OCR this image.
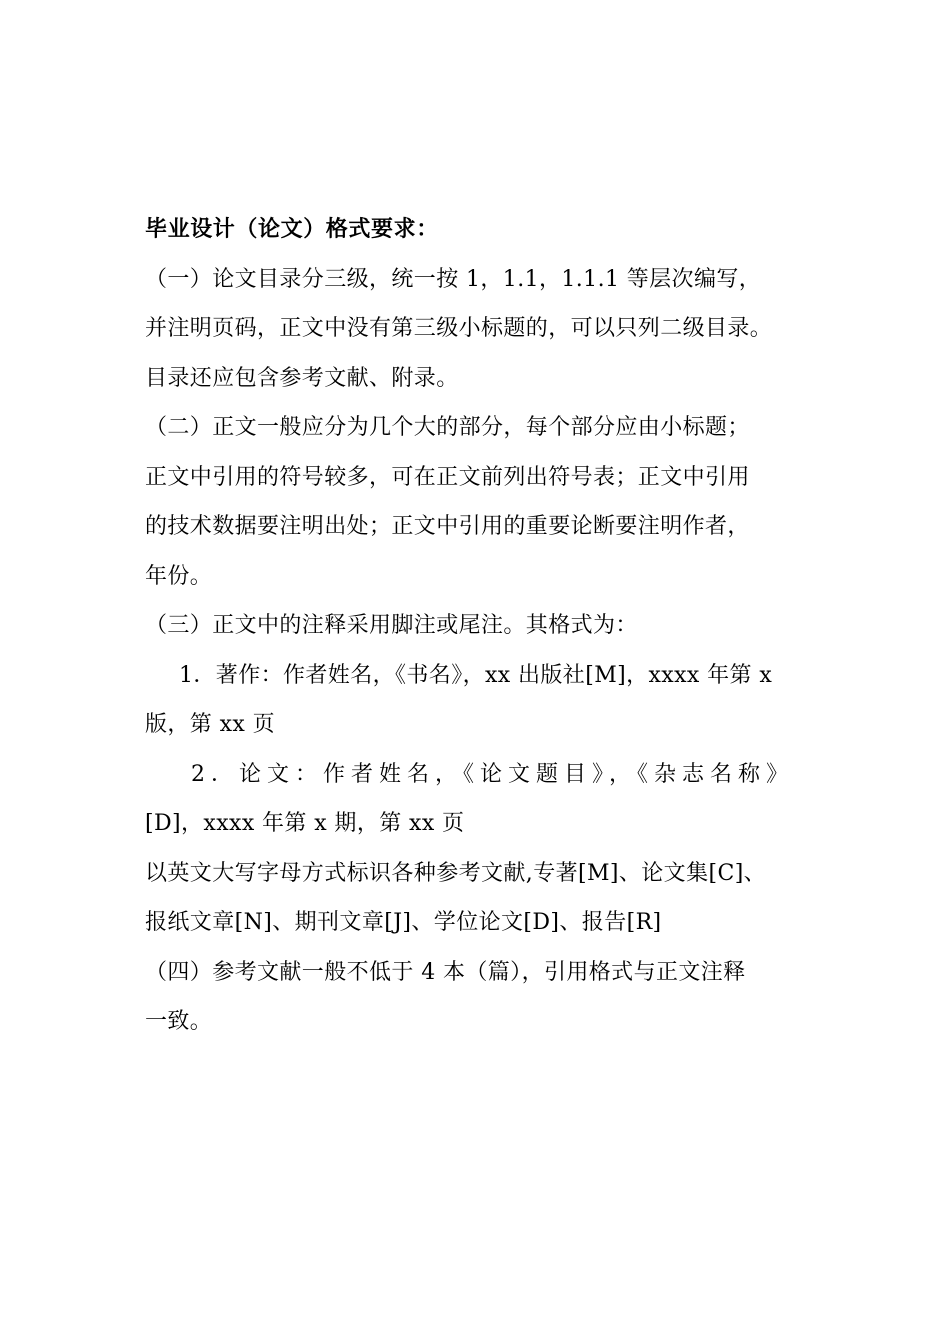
毕业设计（论文）格式要求：
（一）论文目录分三级，统一按 1，1.1，1.1.1 等层次编写，
并注明页码，正文中没有第三级小标题的，可以只列二级目录。
目录还应包含参考文献、附录。
（二）正文一般应分为几个大的部分，每个部分应由小标题；
正文中引用的符号较多，可在正文前列出符号表；正文中引用
的技术数据要注明出处；正文中引用的重要论断要注明作者，
年份。
（三）正文中的注释采用脚注或尾注。其格式为：
1．著作：作者姓名，《书名》，xx 出版社[M]，xxxx 年第 x
版，第 xx 页
2．论文：作者姓名，《论文题目》，《杂志名称》
[D]，xxxx 年第 x 期，第 xx 页
以英文大写字母方式标识各种参考文献,专著[M]、论文集[C]、
报纸文章[N]、期刊文章[J]、学位论文[D]、报告[R]
（四）参考文献一般不低于 4 本（篇），引用格式与正文注释
一致。
